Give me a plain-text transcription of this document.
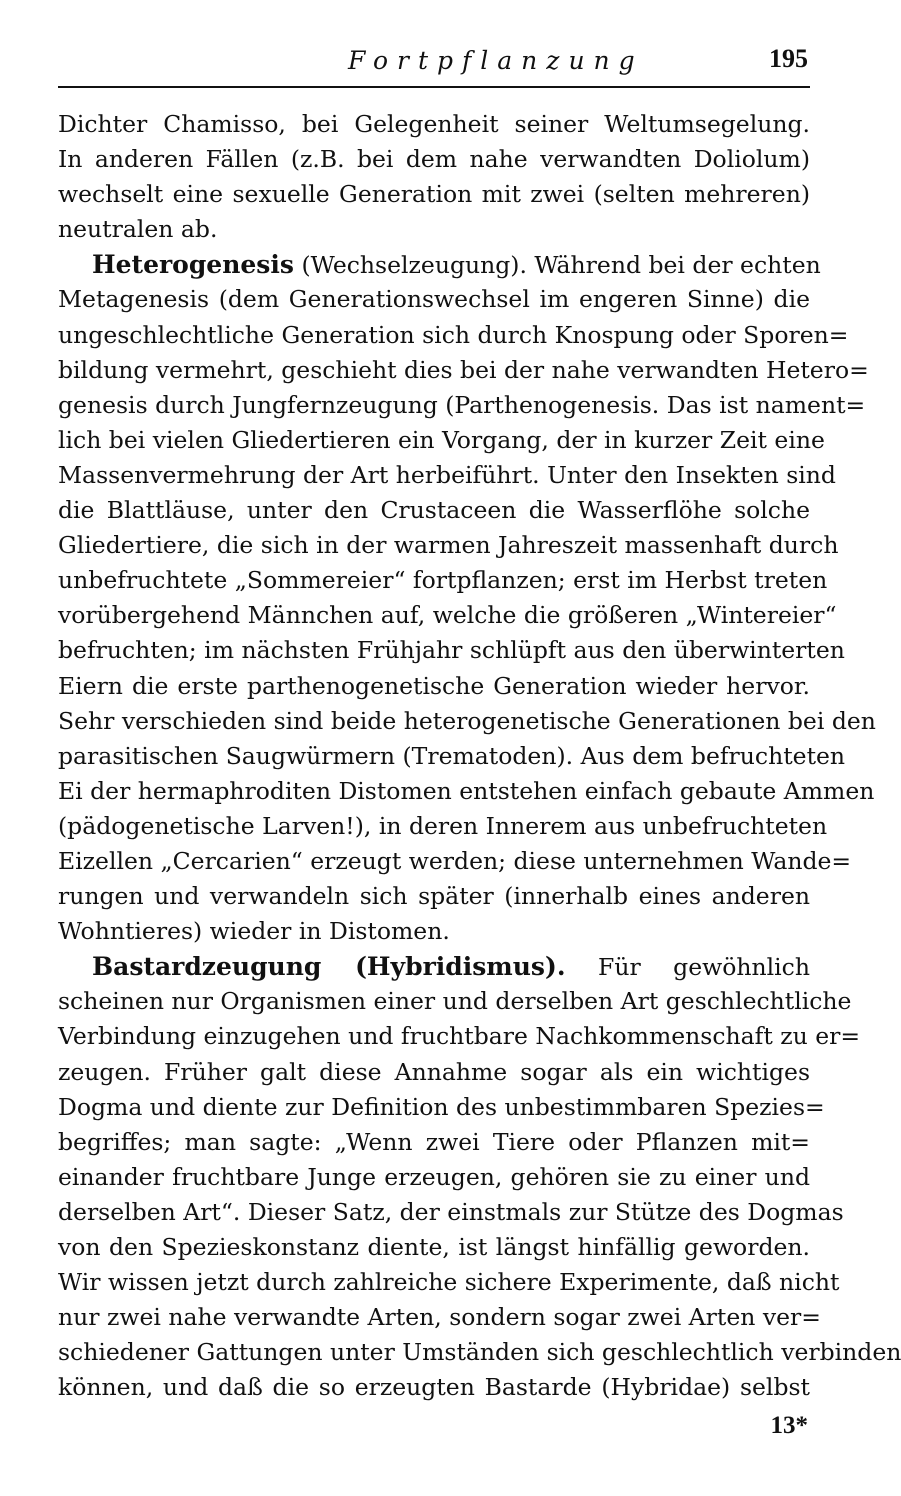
Fortpflanzung	195
Dichter Chamisso, bei Gelegenheit seiner Weltumsegelung.
In anderen Fällen (z.B. bei dem nahe verwandten Doliolum)
wechselt eine sexuelle Generation mit zwei (selten mehreren)
neutralen ab.
Heterogenesis (Wechselzeugung). Während bei der echten
Metagenesis (dem Generationswechsel im engeren Sinne) die
ungeschlechtliche Generation sich durch Knospung oder Sporen=
bildung vermehrt, geschieht dies bei der nahe verwandten Hetero=
genesis durch Jungfernzeugung (Parthenogenesis. Das ist nament=
lich bei vielen Gliedertieren ein Vorgang, der in kurzer Zeit eine
Massenvermehrung der Art herbeiführt. Unter den Insekten sind
die Blattläuse, unter den Crustaceen die Wasserflöhe solche
Gliedertiere, die sich in der warmen Jahreszeit massenhaft durch
unbefruchtete „Sommereier“ fortpflanzen; erst im Herbst treten
vorübergehend Männchen auf, welche die größeren „Wintereier“
befruchten; im nächsten Frühjahr schlüpft aus den überwinterten
Eiern die erste parthenogenetische Generation wieder hervor.
Sehr verschieden sind beide heterogenetische Generationen bei den
parasitischen Saugwürmern (Trematoden). Aus dem befruchteten
Ei der hermaphroditen Distomen entstehen einfach gebaute Ammen
(pädogenetische Larven!), in deren Innerem aus unbefruchteten
Eizellen „Cercarien“ erzeugt werden; diese unternehmen Wande=
rungen und verwandeln sich später (innerhalb eines anderen
Wohntieres) wieder in Distomen.
Bastardzeugung (Hybridismus). Für gewöhnlich
scheinen nur Organismen einer und derselben Art geschlechtliche
Verbindung einzugehen und fruchtbare Nachkommenschaft zu er=
zeugen. Früher galt diese Annahme sogar als ein wichtiges
Dogma und diente zur Definition des unbestimmbaren Spezies=
begriffes; man sagte: „Wenn zwei Tiere oder Pflanzen mit=
einander fruchtbare Junge erzeugen, gehören sie zu einer und
derselben Art“. Dieser Satz, der einstmals zur Stütze des Dogmas
von den Spezieskonstanz diente, ist längst hinfällig geworden.
Wir wissen jetzt durch zahlreiche sichere Experimente, daß nicht
nur zwei nahe verwandte Arten, sondern sogar zwei Arten ver=
schiedener Gattungen unter Umständen sich geschlechtlich verbinden
können, und daß die so erzeugten Bastarde (Hybridae) selbst
13*
